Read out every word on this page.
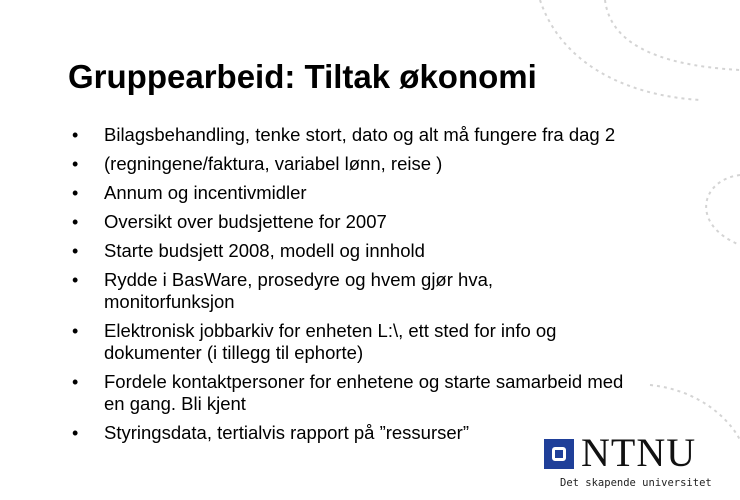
Gruppearbeid: Tiltak økonomi
• Bilagsbehandling, tenke stort, dato og alt må fungere fra dag 2
• (regningene/faktura, variabel lønn, reise )
• Annum og incentivmidler
• Oversikt over budsjettene for 2007
• Starte budsjett 2008, modell og innhold
• Rydde i BasWare, prosedyre og hvem gjør hva,
monitorfunksjon
• Elektronisk jobbarkiv for enheten L:\, ett sted for info og
dokumenter (i tillegg til ephorte)
• Fordele kontaktpersoner for enhetene og starte samarbeid med
en gang. Bli kjent
• Styringsdata, tertialvis rapport på ”ressurser”	NTNU
Det skapende universitet
